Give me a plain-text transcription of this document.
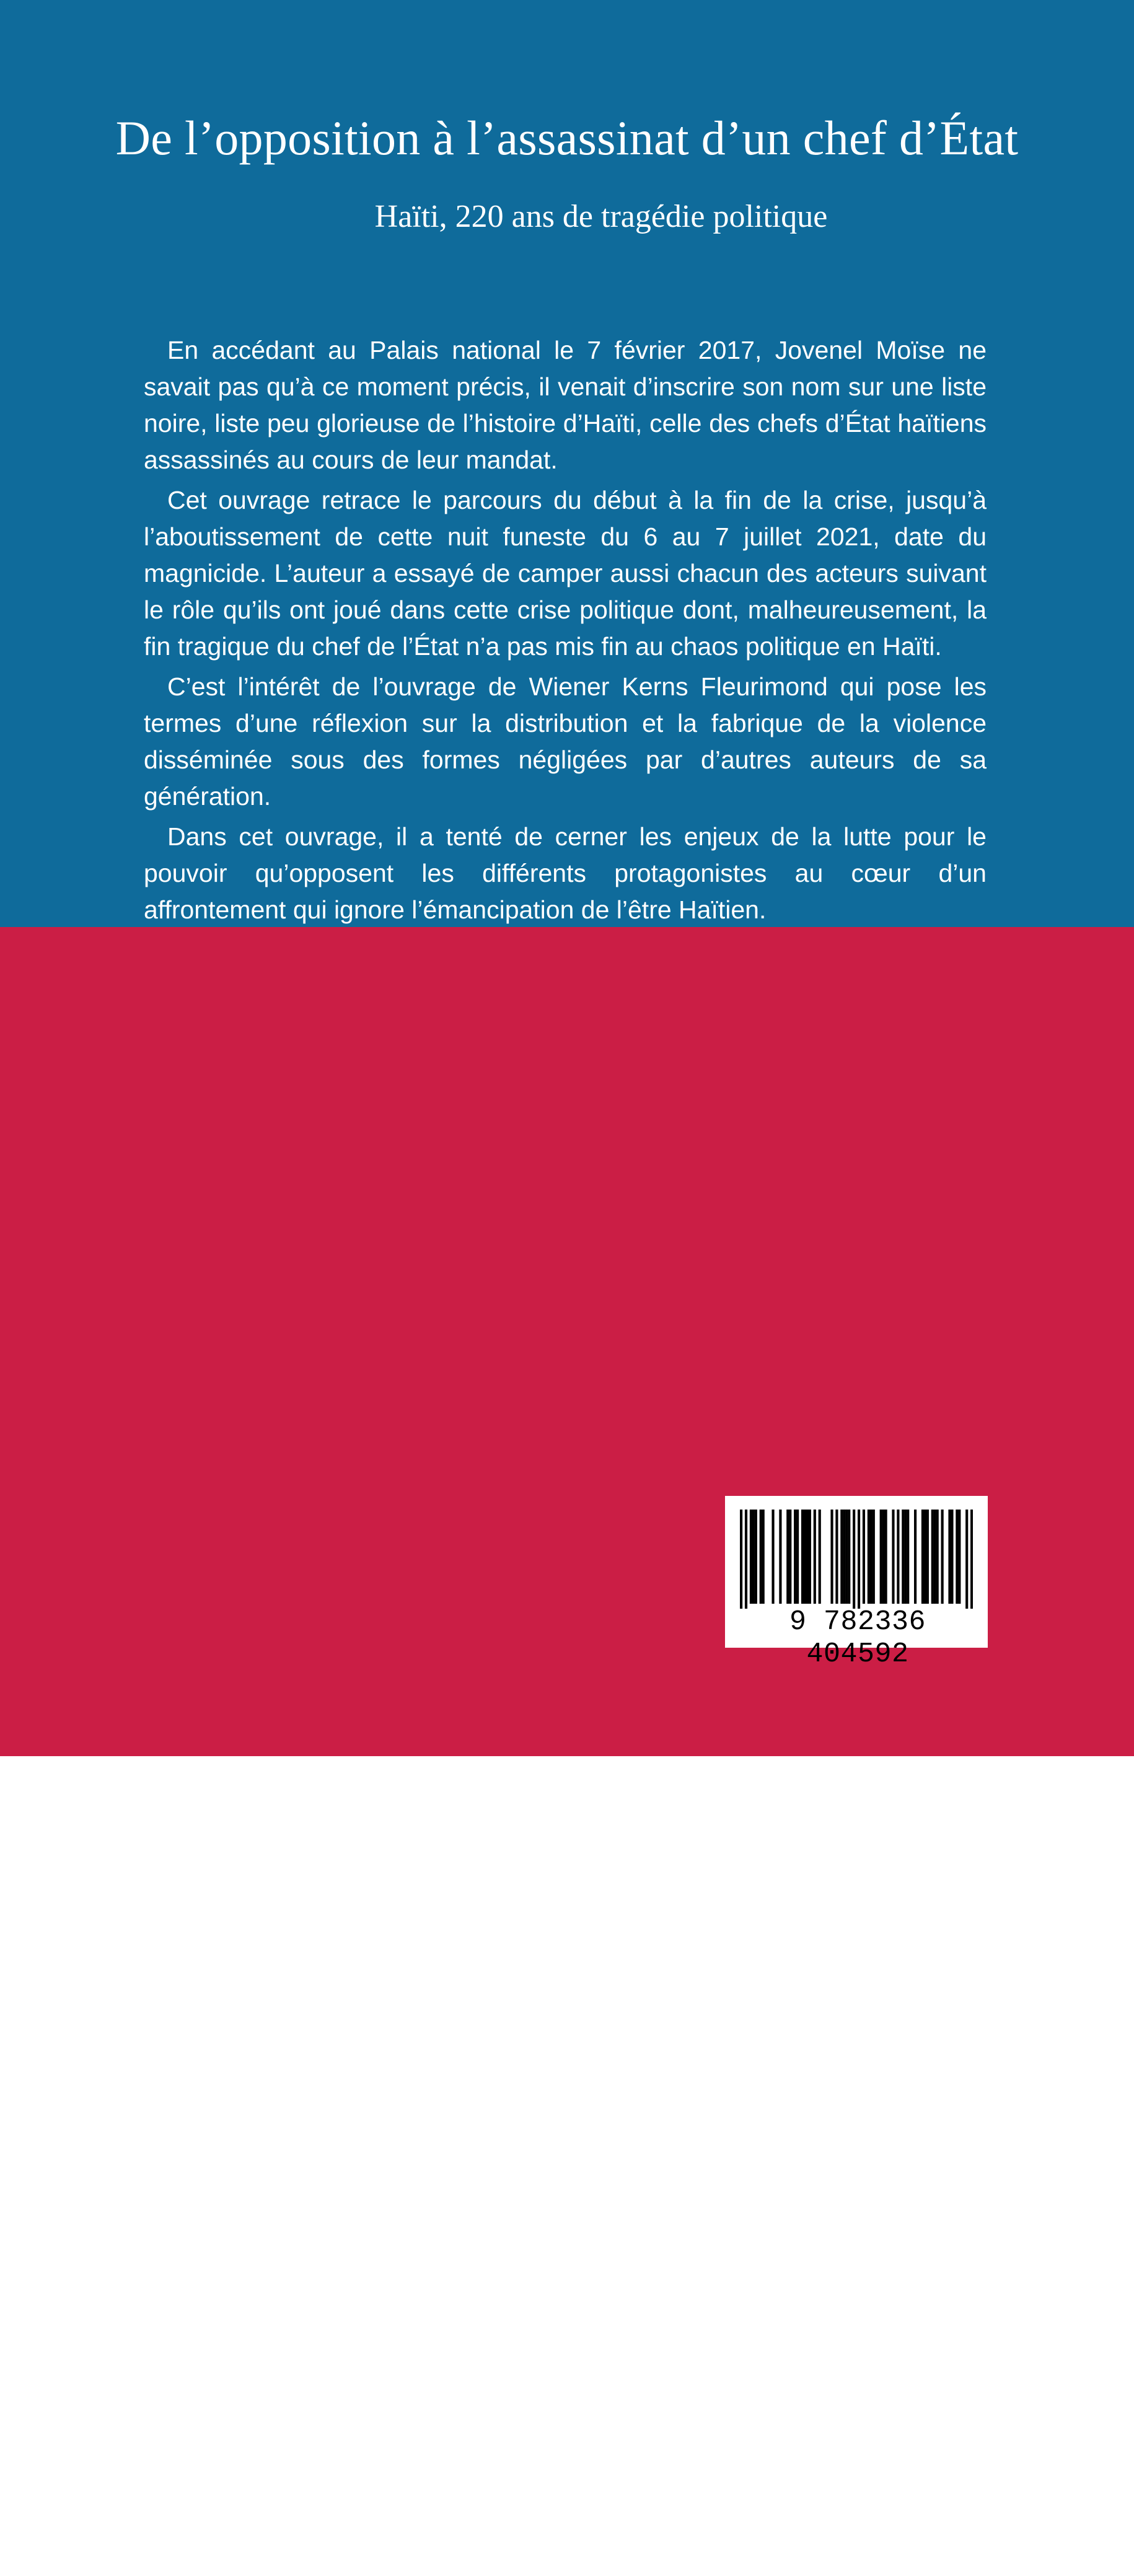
De l’opposition à l’assassinat d’un chef d’État
Haïti, 220 ans de tragédie politique

En accédant au Palais national le 7 février 2017, Jovenel Moïse ne savait pas qu’à ce moment précis, il venait d’inscrire son nom sur une liste noire, liste peu glorieuse de l’histoire d’Haïti, celle des chefs d’État haïtiens assassinés au cours de leur mandat.

Cet ouvrage retrace le parcours du début à la fin de la crise, jusqu’à l’aboutissement de cette nuit funeste du 6 au 7 juillet 2021, date du magnicide. L’auteur a essayé de camper aussi chacun des acteurs suivant le rôle qu’ils ont joué dans cette crise politique dont, malheureusement, la fin tragique du chef de l’État n’a pas mis fin au chaos politique en Haïti.

C’est l’intérêt de l’ouvrage de Wiener Kerns Fleurimond qui pose les termes d’une réflexion sur la distribution et la fabrique de la violence disséminée sous des formes négligées par d’autres auteurs de sa génération.

Dans cet ouvrage, il a tenté de cerner les enjeux de la lutte pour le pouvoir qu’opposent les différents protagonistes au cœur d’un affrontement qui ignore l’émancipation de l’être Haïtien.

Journaliste politique, éditorialiste, chroniqueur et consultant politique, Wiener Kerns FLEURIMOND vit entre la France et Haïti. Il a travaillé pendant plus de vingt ans au PS (Parti socialiste français) à la rue de Solferino à Paris. Depuis de nombreuses années, il consacre son temps à travailler sur l’histoire et la politique haïtienne. Il a déjà publié de nombreux ouvrages à succès, notamment, Haïti, l’état de la Nation, paru en 2015 aux Éditions Ibis Rouge, Cayenne et en 2019 Haïti. De Michel Martelly à Jovenel Moïse. Une Tumultueuse Saga Électorale (2014-2017) en 2 tomes aux Éditions L’Harmattan, Paris.
En couverture : chapelle royale de Milot ou Cathédrale de Milot (XIXe siècle) lors de l’incendie du 13 avril 2020. © Photo Projet de Présentation du Patrimoine et d’Appui au Secteur Touristique (PAST), 2020
ISBN : 978-2-336-40459-2
45 €
9 782336 404592
